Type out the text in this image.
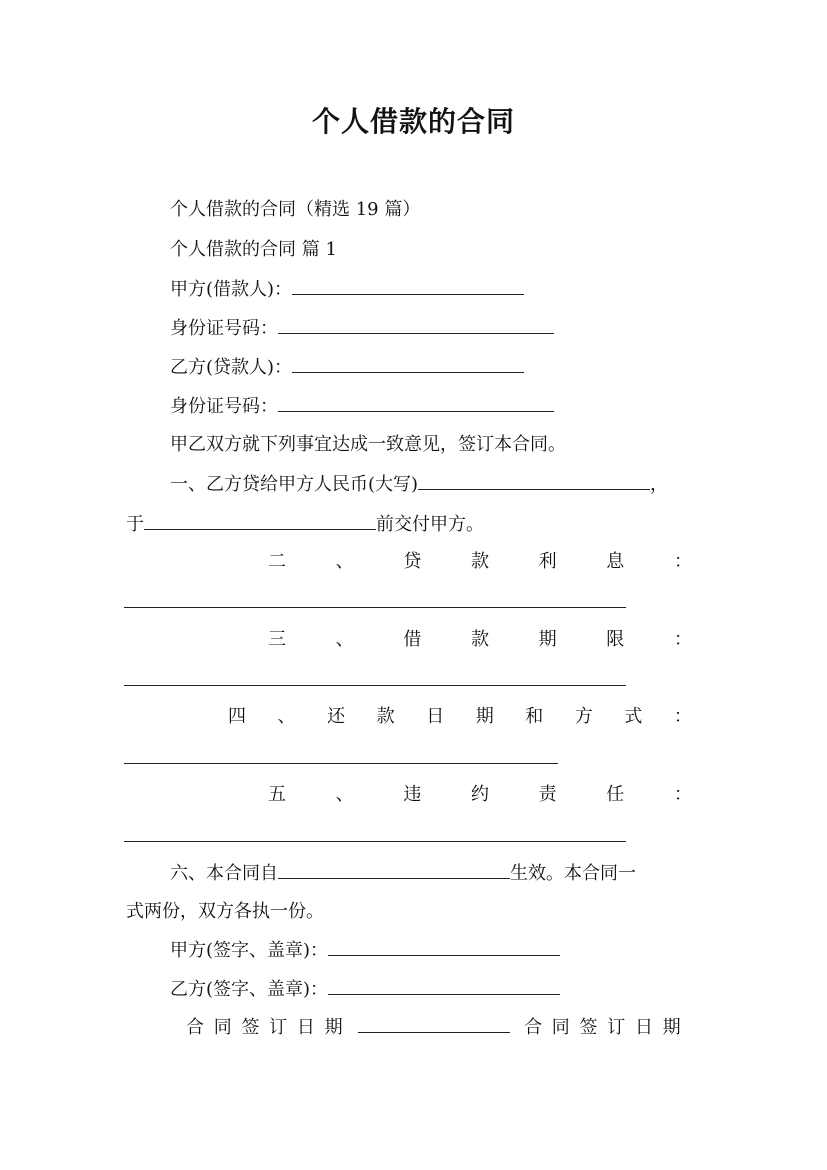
个人借款的合同
个人借款的合同（精选 19 篇）
个人借款的合同 篇 1
甲方(借款人)：
身份证号码：
乙方(贷款人)：
身份证号码：
甲乙双方就下列事宜达成一致意见，签订本合同。
一、乙方贷给甲方人民币(大写)	，
于	前交付甲方。
二	、	贷	款	利	息	：
三	、	借	款	期	限	：
四 、 还 款 日 期 和 方 式 ：
五	、	违	约	责	任	：
六、本合同自	生效。本合同一
式两份，双方各执一份。
甲方(签字、盖章)：
乙方(签字、盖章)：
合 同 签 订 日 期	合 同 签 订 日 期
